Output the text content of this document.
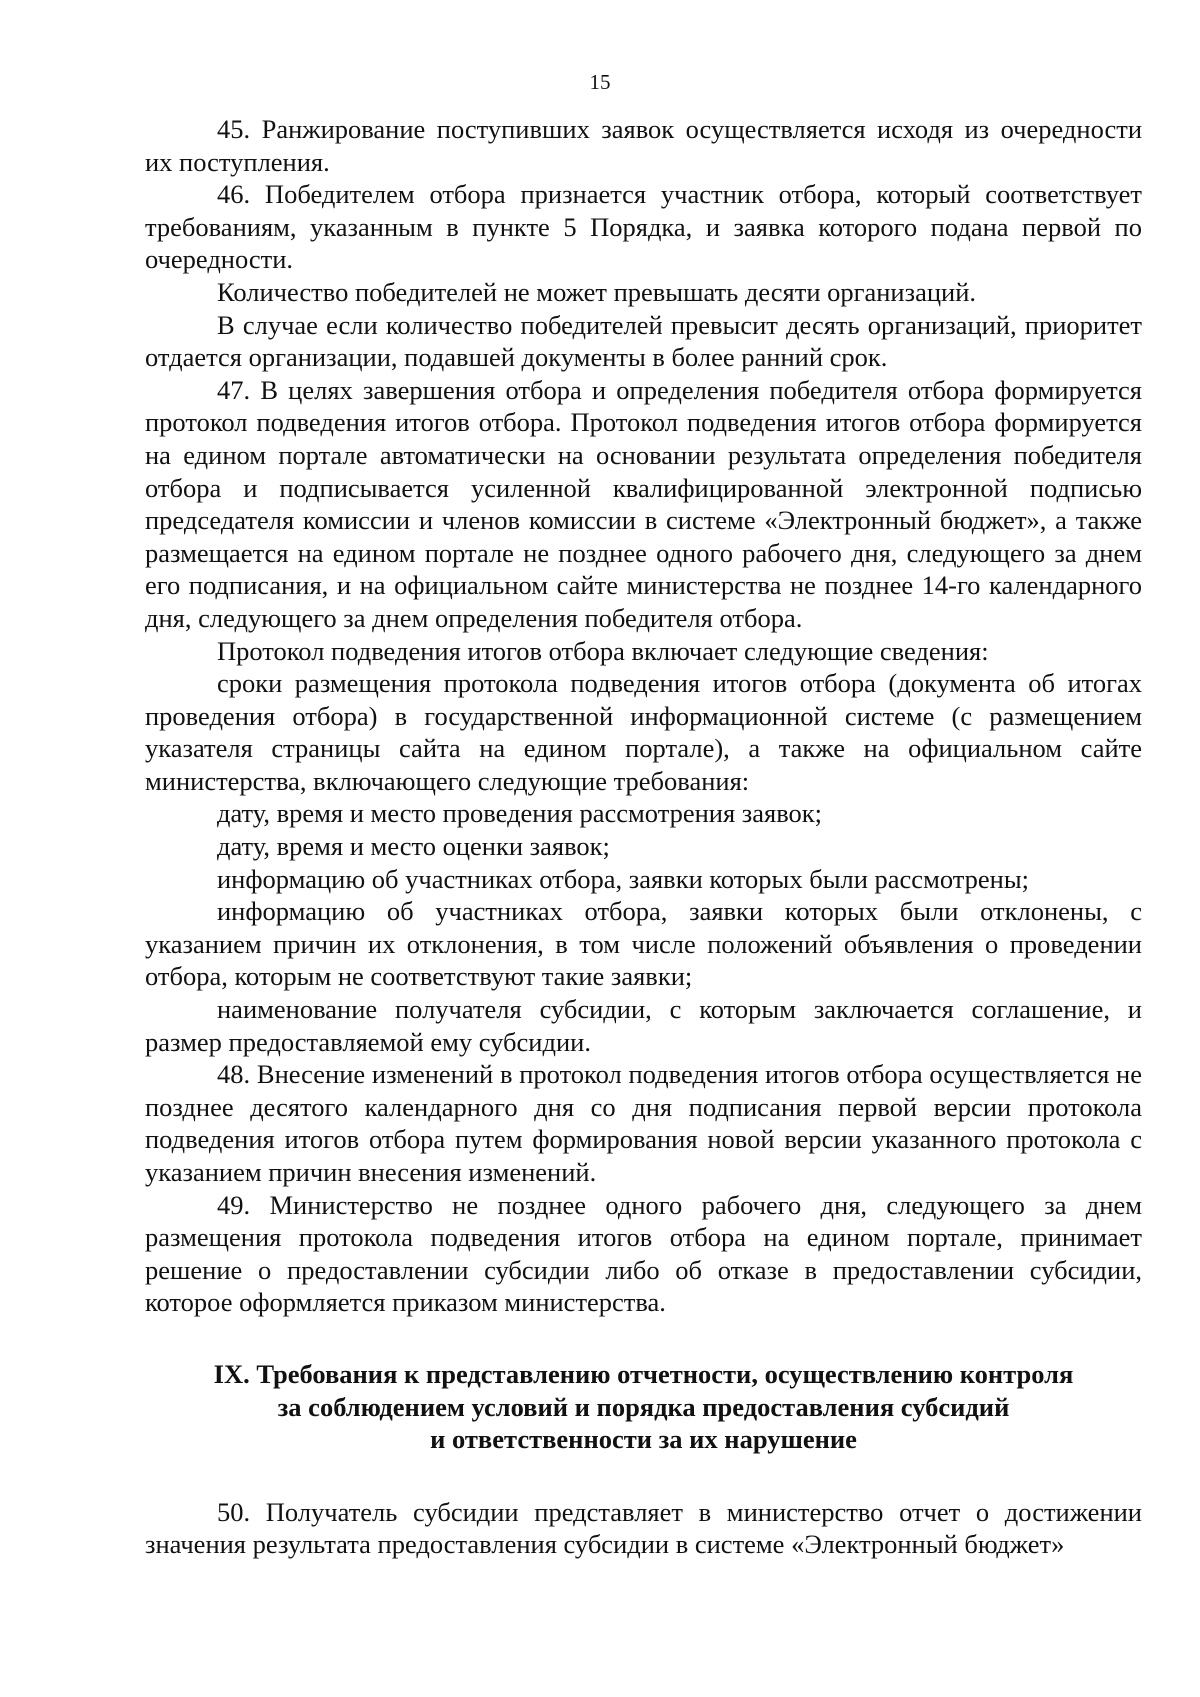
15

45. Ранжирование поступивших заявок осуществляется исходя из очередности их поступления.

46. Победителем отбора признается участник отбора, который соответствует требованиям, указанным в пункте 5 Порядка, и заявка которого подана первой по очередности.

Количество победителей не может превышать десяти организаций.

В случае если количество победителей превысит десять организаций, приоритет отдается организации, подавшей документы в более ранний срок.

47. В целях завершения отбора и определения победителя отбора формируется протокол подведения итогов отбора. Протокол подведения итогов отбора формируется на едином портале автоматически на основании результата определения победителя отбора и подписывается усиленной квалифицированной электронной подписью председателя комиссии и членов комиссии в системе «Электронный бюджет», а также размещается на едином портале не позднее одного рабочего дня, следующего за днем его подписания, и на официальном сайте министерства не позднее 14-го календарного дня, следующего за днем определения победителя отбора.

Протокол подведения итогов отбора включает следующие сведения:

сроки размещения протокола подведения итогов отбора (документа об итогах проведения отбора) в государственной информационной системе (с размещением указателя страницы сайта на едином портале), а также на официальном сайте министерства, включающего следующие требования:

дату, время и место проведения рассмотрения заявок;

дату, время и место оценки заявок;

информацию об участниках отбора, заявки которых были рассмотрены;

информацию об участниках отбора, заявки которых были отклонены, с указанием причин их отклонения, в том числе положений объявления о проведении отбора, которым не соответствуют такие заявки;

наименование получателя субсидии, с которым заключается соглашение, и размер предоставляемой ему субсидии.

48. Внесение изменений в протокол подведения итогов отбора осуществляется не позднее десятого календарного дня со дня подписания первой версии протокола подведения итогов отбора путем формирования новой версии указанного протокола с указанием причин внесения изменений.

49. Министерство не позднее одного рабочего дня, следующего за днем размещения протокола подведения итогов отбора на едином портале, принимает решение о предоставлении субсидии либо об отказе в предоставлении субсидии, которое оформляется приказом министерства.

IX. Требования к представлению отчетности, осуществлению контроля
за соблюдением условий и порядка предоставления субсидий
и ответственности за их нарушение

50. Получатель субсидии представляет в министерство отчет о достижении значения результата предоставления субсидии в системе «Электронный бюджет»
